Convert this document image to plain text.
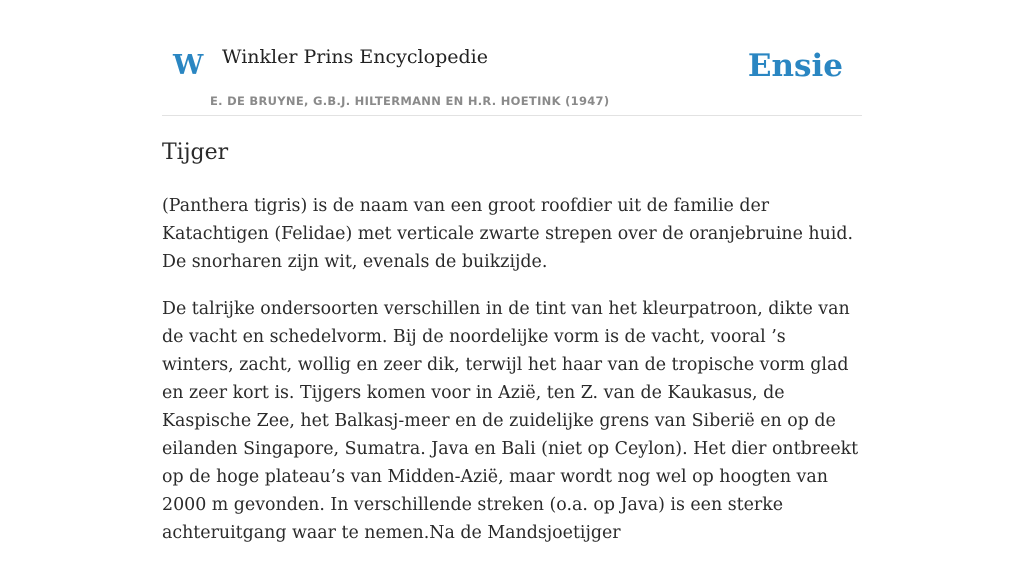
W Winkler Prins Encyclopedie
E. DE BRUYNE, G.B.J. HILTERMANN EN H.R. HOETINK (1947)
Ensie
Tijger

(Panthera tigris) is de naam van een groot roofdier uit de familie der Katachtigen (Felidae) met verticale zwarte strepen over de oranjebruine huid. De snorharen zijn wit, evenals de buikzijde.

De talrijke ondersoorten verschillen in de tint van het kleurpatroon, dikte van de vacht en schedelvorm. Bij de noordelijke vorm is de vacht, vooral ’s winters, zacht, wollig en zeer dik, terwijl het haar van de tropische vorm glad en zeer kort is. Tijgers komen voor in Azië, ten Z. van de Kaukasus, de Kaspische Zee, het Balkasj-meer en de zuidelijke grens van Siberië en op de eilanden Singapore, Sumatra. Java en Bali (niet op Ceylon). Het dier ontbreekt op de hoge plateau’s van Midden-Azië, maar wordt nog wel op hoogten van 2000 m gevonden. In verschillende streken (o.a. op Java) is een sterke achteruitgang waar te nemen.Na de Mandsjoetijger
